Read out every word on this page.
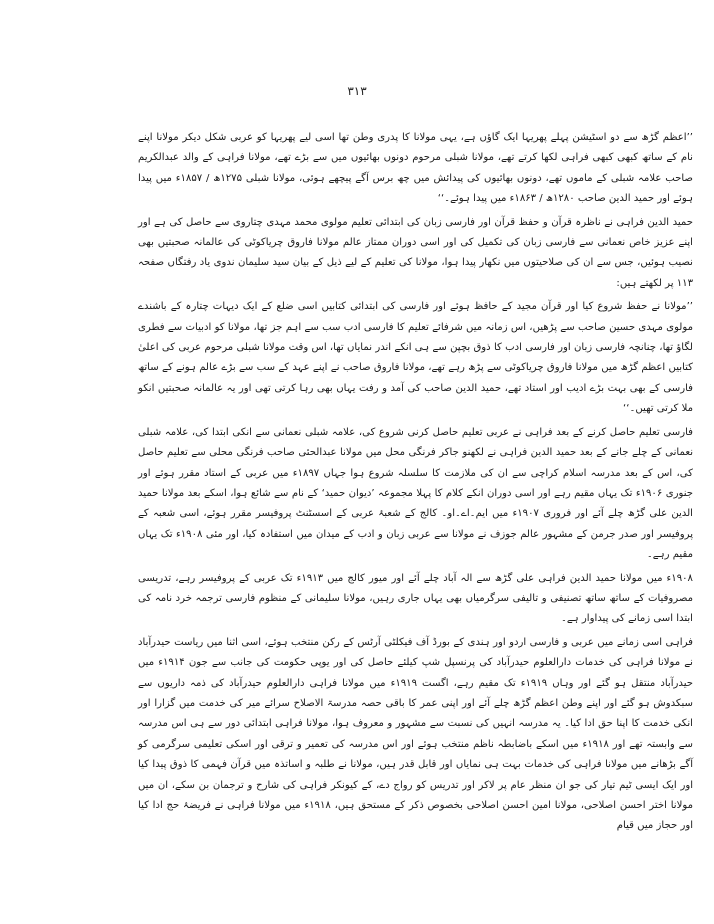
۳۱۳

’’اعظم گڑھ سے دو اسٹیشن پہلے پھریہا ایک گاؤں ہے، یہی مولانا کا پدری وطن تھا اسی لیے پھریہا کو عربی شکل دیکر مولانا اپنے نام کے ساتھ کبھی کبھی فراہی لکھا کرتے تھے، مولانا شبلی مرحوم دونوں بھائیوں میں سے بڑے تھے، مولانا فراہی کے والد عبدالکریم صاحب علامہ شبلی کے ماموں تھے، دونوں بھائیوں کی پیدائش میں چھ برس آگے پیچھے ہوئی، مولانا شبلی ۱۲۷۵ھ / ۱۸۵۷ء میں پیدا ہوئے اور حمید الدین صاحب ۱۲۸۰ھ / ۱۸۶۳ء میں پیدا ہوئے۔‘‘

حمید الدین فراہی نے ناظرہ قرآن و حفظ قرآن اور فارسی زبان کی ابتدائی تعلیم مولوی محمد مہدی چتاروی سے حاصل کی ہے اور اپنے عزیز خاص نعمانی سے فارسی زبان کی تکمیل کی اور اسی دوران ممتاز عالم مولانا فاروق چریاکوٹی کی عالمانہ صحبتیں بھی نصیب ہوئیں، جس سے ان کی صلاحیتوں میں نکھار پیدا ہوا، مولانا کی تعلیم کے لیے ذیل کے بیان سید سلیمان ندوی یاد رفتگاں صفحہ ۱۱۳ پر لکھتے ہیں:

’’مولانا نے حفظ شروع کیا اور قرآن مجید کے حافظ ہوئے اور فارسی کی ابتدائی کتابیں اسی ضلع کے ایک دیہات چتارہ کے باشندے مولوی مہدی حسین صاحب سے پڑھیں، اس زمانہ میں شرفائے تعلیم کا فارسی ادب سب سے اہم جز تھا، مولانا کو ادبیات سے فطری لگاؤ تھا، چنانچہ فارسی زبان اور فارسی ادب کا ذوق بچپن سے ہی انکے اندر نمایاں تھا، اس وقت مولانا شبلی مرحوم عربی کی اعلیٰ کتابیں اعظم گڑھ میں مولانا فاروق چریاکوٹی سے پڑھ رہے تھے، مولانا فاروق صاحب نے اپنے عہد کے سب سے بڑے عالم ہونے کے ساتھ فارسی کے بھی بہت بڑے ادیب اور استاد تھے، حمید الدین صاحب کی آمد و رفت یہاں بھی رہا کرتی تھی اور یہ عالمانہ صحبتیں انکو ملا کرتی تھیں۔‘‘

فارسی تعلیم حاصل کرنے کے بعد فراہی نے عربی تعلیم حاصل کرنی شروع کی، علامہ شبلی نعمانی سے انکی ابتدا کی، علامہ شبلی نعمانی کے چلے جانے کے بعد حمید الدین فراہی نے لکھنو جاکر فرنگی محل میں مولانا عبدالحئی صاحب فرنگی محلی سے تعلیم حاصل کی، اس کے بعد مدرسہ اسلام کراچی سے ان کی ملازمت کا سلسلہ شروع ہوا جہاں ۱۸۹۷ء میں عربی کے استاد مقرر ہوئے اور جنوری ۱۹۰۶ء تک یہاں مقیم رہے اور اسی دوران انکے کلام کا پہلا مجموعہ ’دیوان حمید‘ کے نام سے شائع ہوا، اسکے بعد مولانا حمید الدین علی گڑھ چلے آئے اور فروری ۱۹۰۷ء میں ایم۔اے۔او۔ کالج کے شعبۂ عربی کے اسسٹنٹ پروفیسر مقرر ہوئے، اسی شعبہ کے پروفیسر اور صدر جرمن کے مشہور عالم جوزف نے مولانا سے عربی زبان و ادب کے میدان میں استفادہ کیا، اور مئی ۱۹۰۸ء تک یہاں مقیم رہے۔

۱۹۰۸ء میں مولانا حمید الدین فراہی علی گڑھ سے الہ آباد چلے آئے اور میور کالج میں ۱۹۱۳ء تک عربی کے پروفیسر رہے، تدریسی مصروفیات کے ساتھ ساتھ تصنیفی و تالیفی سرگرمیاں بھی یہاں جاری رہیں، مولانا سلیمانی کے منظوم فارسی ترجمہ خرد نامہ کی ابتدا اسی زمانے کی پیداوار ہے۔

فراہی اسی زمانے میں عربی و فارسی اردو اور ہندی کے بورڈ آف فیکلٹی آرٹس کے رکن منتخب ہوئے، اسی اثنا میں ریاست حیدرآباد نے مولانا فراہی کی خدمات دارالعلوم حیدرآباد کی پرنسپل شپ کیلئے حاصل کی اور یوپی حکومت کی جانب سے جون ۱۹۱۴ء میں حیدرآباد منتقل ہو گئے اور وہاں ۱۹۱۹ء تک مقیم رہے، اگست ۱۹۱۹ء میں مولانا فراہی دارالعلوم حیدرآباد کی ذمہ داریوں سے سبکدوش ہو گئے اور اپنے وطن اعظم گڑھ چلے آئے اور اپنی عمر کا باقی حصہ مدرسۃ الاصلاح سرائے میر کی خدمت میں گزارا اور انکی خدمت کا اپنا حق ادا کیا۔ یہ مدرسہ انہیں کی نسبت سے مشہور و معروف ہوا، مولانا فراہی ابتدائی دور سے ہی اس مدرسہ سے وابستہ تھے اور ۱۹۱۸ء میں اسکے باضابطہ ناظم منتخب ہوئے اور اس مدرسہ کی تعمیر و ترقی اور اسکی تعلیمی سرگرمی کو آگے بڑھانے میں مولانا فراہی کی خدمات بہت ہی نمایاں اور قابل قدر ہیں، مولانا نے طلبہ و اساتذہ میں قرآن فہمی کا ذوق پیدا کیا اور ایک ایسی ٹیم تیار کی جو ان منظر عام پر لاکر اور تدریس کو رواج دے، کے کیونکر فراہی کی شارح و ترجمان بن سکے، ان میں مولانا اختر احسن اصلاحی، مولانا امین احسن اصلاحی بخصوص ذکر کے مستحق ہیں، ۱۹۱۸ء میں مولانا فراہی نے فریضۂ حج ادا کیا اور حجاز میں قیام
